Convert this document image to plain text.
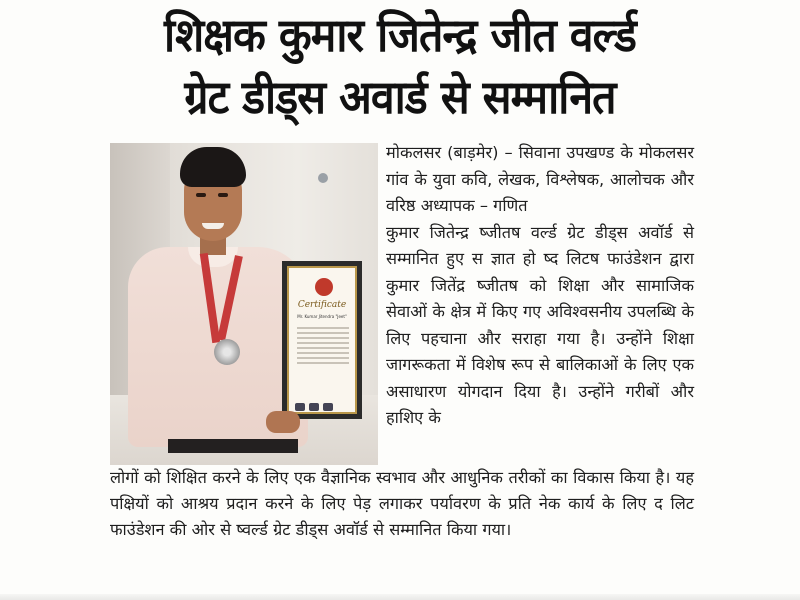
शिक्षक कुमार जितेन्द्र जीत वर्ल्ड
ग्रेट डीड्स अवार्ड से सम्मानित
Certificate
Mr. Kumar Jitendra "Jeet"

मोकलसर (बाड़मेर) – सिवाना उपखण्ड के मोकलसर गांव के युवा कवि, लेखक, विश्लेषक, आलोचक और वरिष्ठ अध्यापक – गणित

कुमार जितेन्द्र ष्जीतष वर्ल्ड ग्रेट डीड्स अवॉर्ड से सम्मानित हुए स ज्ञात हो ष्द लिटष फाउंडेशन द्वारा कुमार जितेंद्र ष्जीतष को शिक्षा और सामाजिक सेवाओं के क्षेत्र में किए गए अविश्वसनीय उपलब्धि के लिए पहचाना और सराहा गया है। उन्होंने शिक्षा जागरूकता में विशेष रूप से बालिकाओं के लिए एक असाधारण योगदान दिया है। उन्होंने गरीबों और हाशिए के

लोगों को शिक्षित करने के लिए एक वैज्ञानिक स्वभाव और आधुनिक तरीकों का विकास किया है। यह पक्षियों को आश्रय प्रदान करने के लिए पेड़ लगाकर पर्यावरण के प्रति नेक कार्य के लिए द लिट फाउंडेशन की ओर से ष्वर्ल्ड ग्रेट डीड्स अवॉर्ड से सम्मानित किया गया।
